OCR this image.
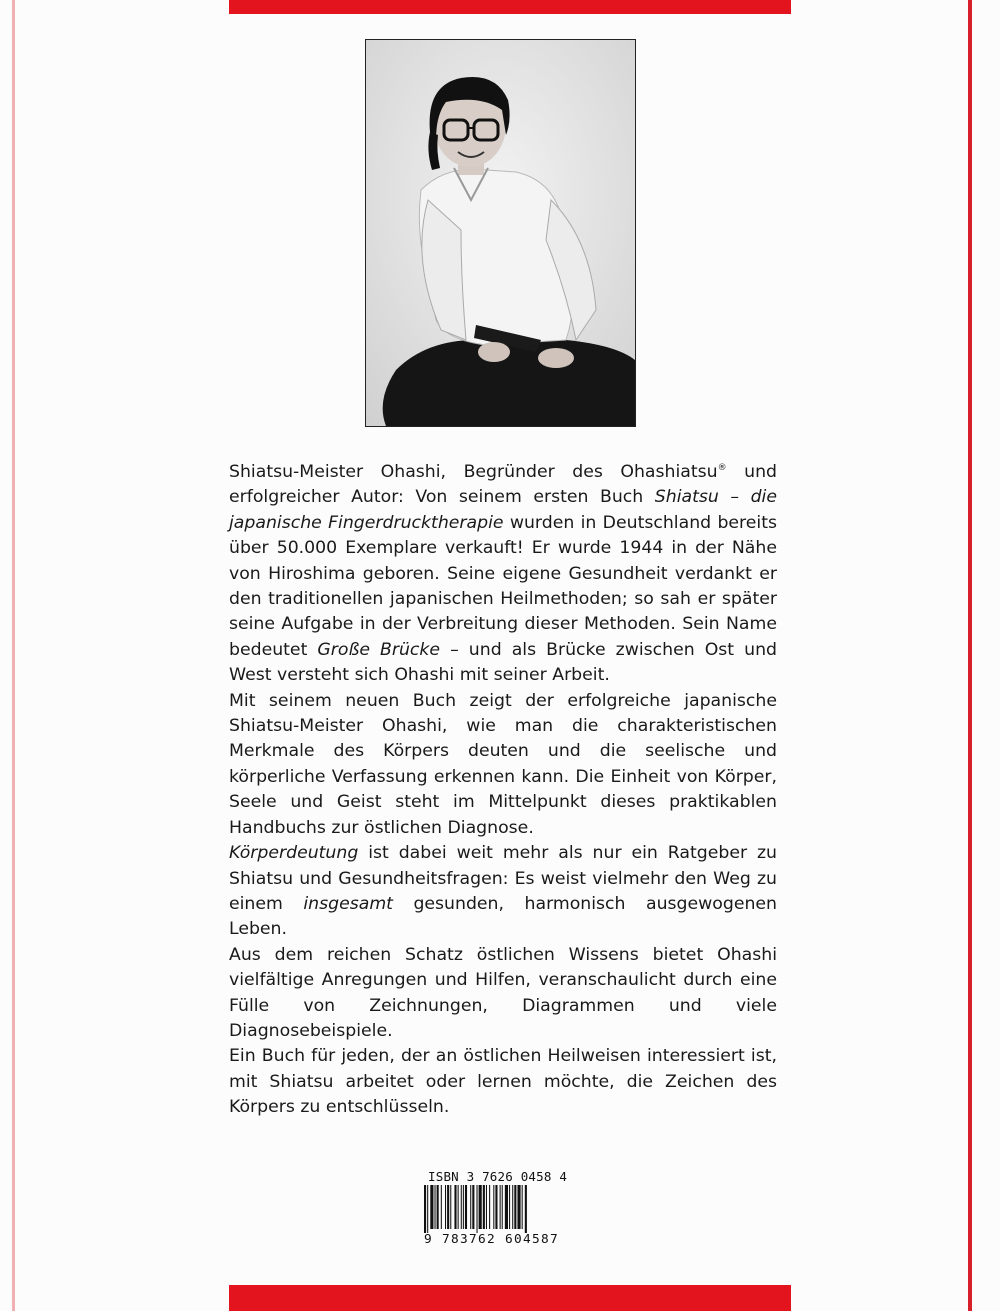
Shiatsu-Meister Ohashi, Begründer des Ohashiatsu® und erfolgreicher Autor: Von seinem ersten Buch Shiatsu – die japanische Fingerdrucktherapie wurden in Deutschland bereits über 50.000 Exemplare verkauft! Er wurde 1944 in der Nähe von Hiroshima geboren. Seine eigene Gesundheit verdankt er den traditionellen japanischen Heilmethoden; so sah er später seine Aufgabe in der Verbreitung dieser Methoden. Sein Name bedeutet Große Brücke – und als Brücke zwischen Ost und West versteht sich Ohashi mit seiner Arbeit.

Mit seinem neuen Buch zeigt der erfolgreiche japanische Shiatsu-Meister Ohashi, wie man die charakteristischen Merkmale des Körpers deuten und die seelische und körperliche Verfassung erkennen kann. Die Einheit von Körper, Seele und Geist steht im Mittelpunkt dieses praktikablen Handbuchs zur östlichen Diagnose.

Körperdeutung ist dabei weit mehr als nur ein Ratgeber zu Shiatsu und Gesundheitsfragen: Es weist vielmehr den Weg zu einem insgesamt gesunden, harmonisch ausgewogenen Leben.

Aus dem reichen Schatz östlichen Wissens bietet Ohashi vielfältige Anregungen und Hilfen, veranschaulicht durch eine Fülle von Zeichnungen, Diagrammen und viele Diagnosebeispiele.

Ein Buch für jeden, der an östlichen Heilweisen interessiert ist, mit Shiatsu arbeitet oder lernen möchte, die Zeichen des Körpers zu entschlüsseln.

ISBN 3 7626 0458 4
9 783762 604587
